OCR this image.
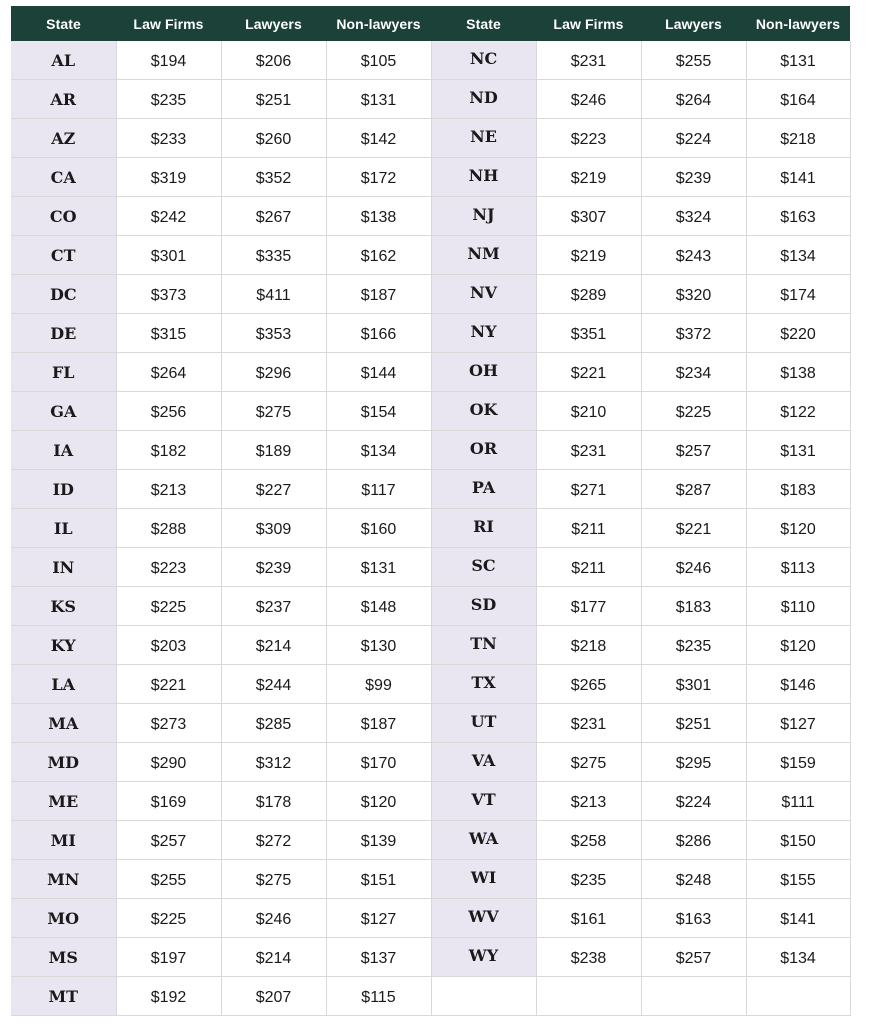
State	Law Firms	Lawyers	Non-lawyers	State	Law Firms	Lawyers	Non-lawyers
AL	$194	$206	$105	NC	$231	$255	$131
AR	$235	$251	$131	ND	$246	$264	$164
AZ	$233	$260	$142	NE	$223	$224	$218
CA	$319	$352	$172	NH	$219	$239	$141
CO	$242	$267	$138	NJ	$307	$324	$163
CT	$301	$335	$162	NM	$219	$243	$134
DC	$373	$411	$187	NV	$289	$320	$174
DE	$315	$353	$166	NY	$351	$372	$220
FL	$264	$296	$144	OH	$221	$234	$138
GA	$256	$275	$154	OK	$210	$225	$122
IA	$182	$189	$134	OR	$231	$257	$131
ID	$213	$227	$117	PA	$271	$287	$183
IL	$288	$309	$160	RI	$211	$221	$120
IN	$223	$239	$131	SC	$211	$246	$113
KS	$225	$237	$148	SD	$177	$183	$110
KY	$203	$214	$130	TN	$218	$235	$120
LA	$221	$244	$99	TX	$265	$301	$146
MA	$273	$285	$187	UT	$231	$251	$127
MD	$290	$312	$170	VA	$275	$295	$159
ME	$169	$178	$120	VT	$213	$224	$111
MI	$257	$272	$139	WA	$258	$286	$150
MN	$255	$275	$151	WI	$235	$248	$155
MO	$225	$246	$127	WV	$161	$163	$141
MS	$197	$214	$137	WY	$238	$257	$134
MT	$192	$207	$115				
